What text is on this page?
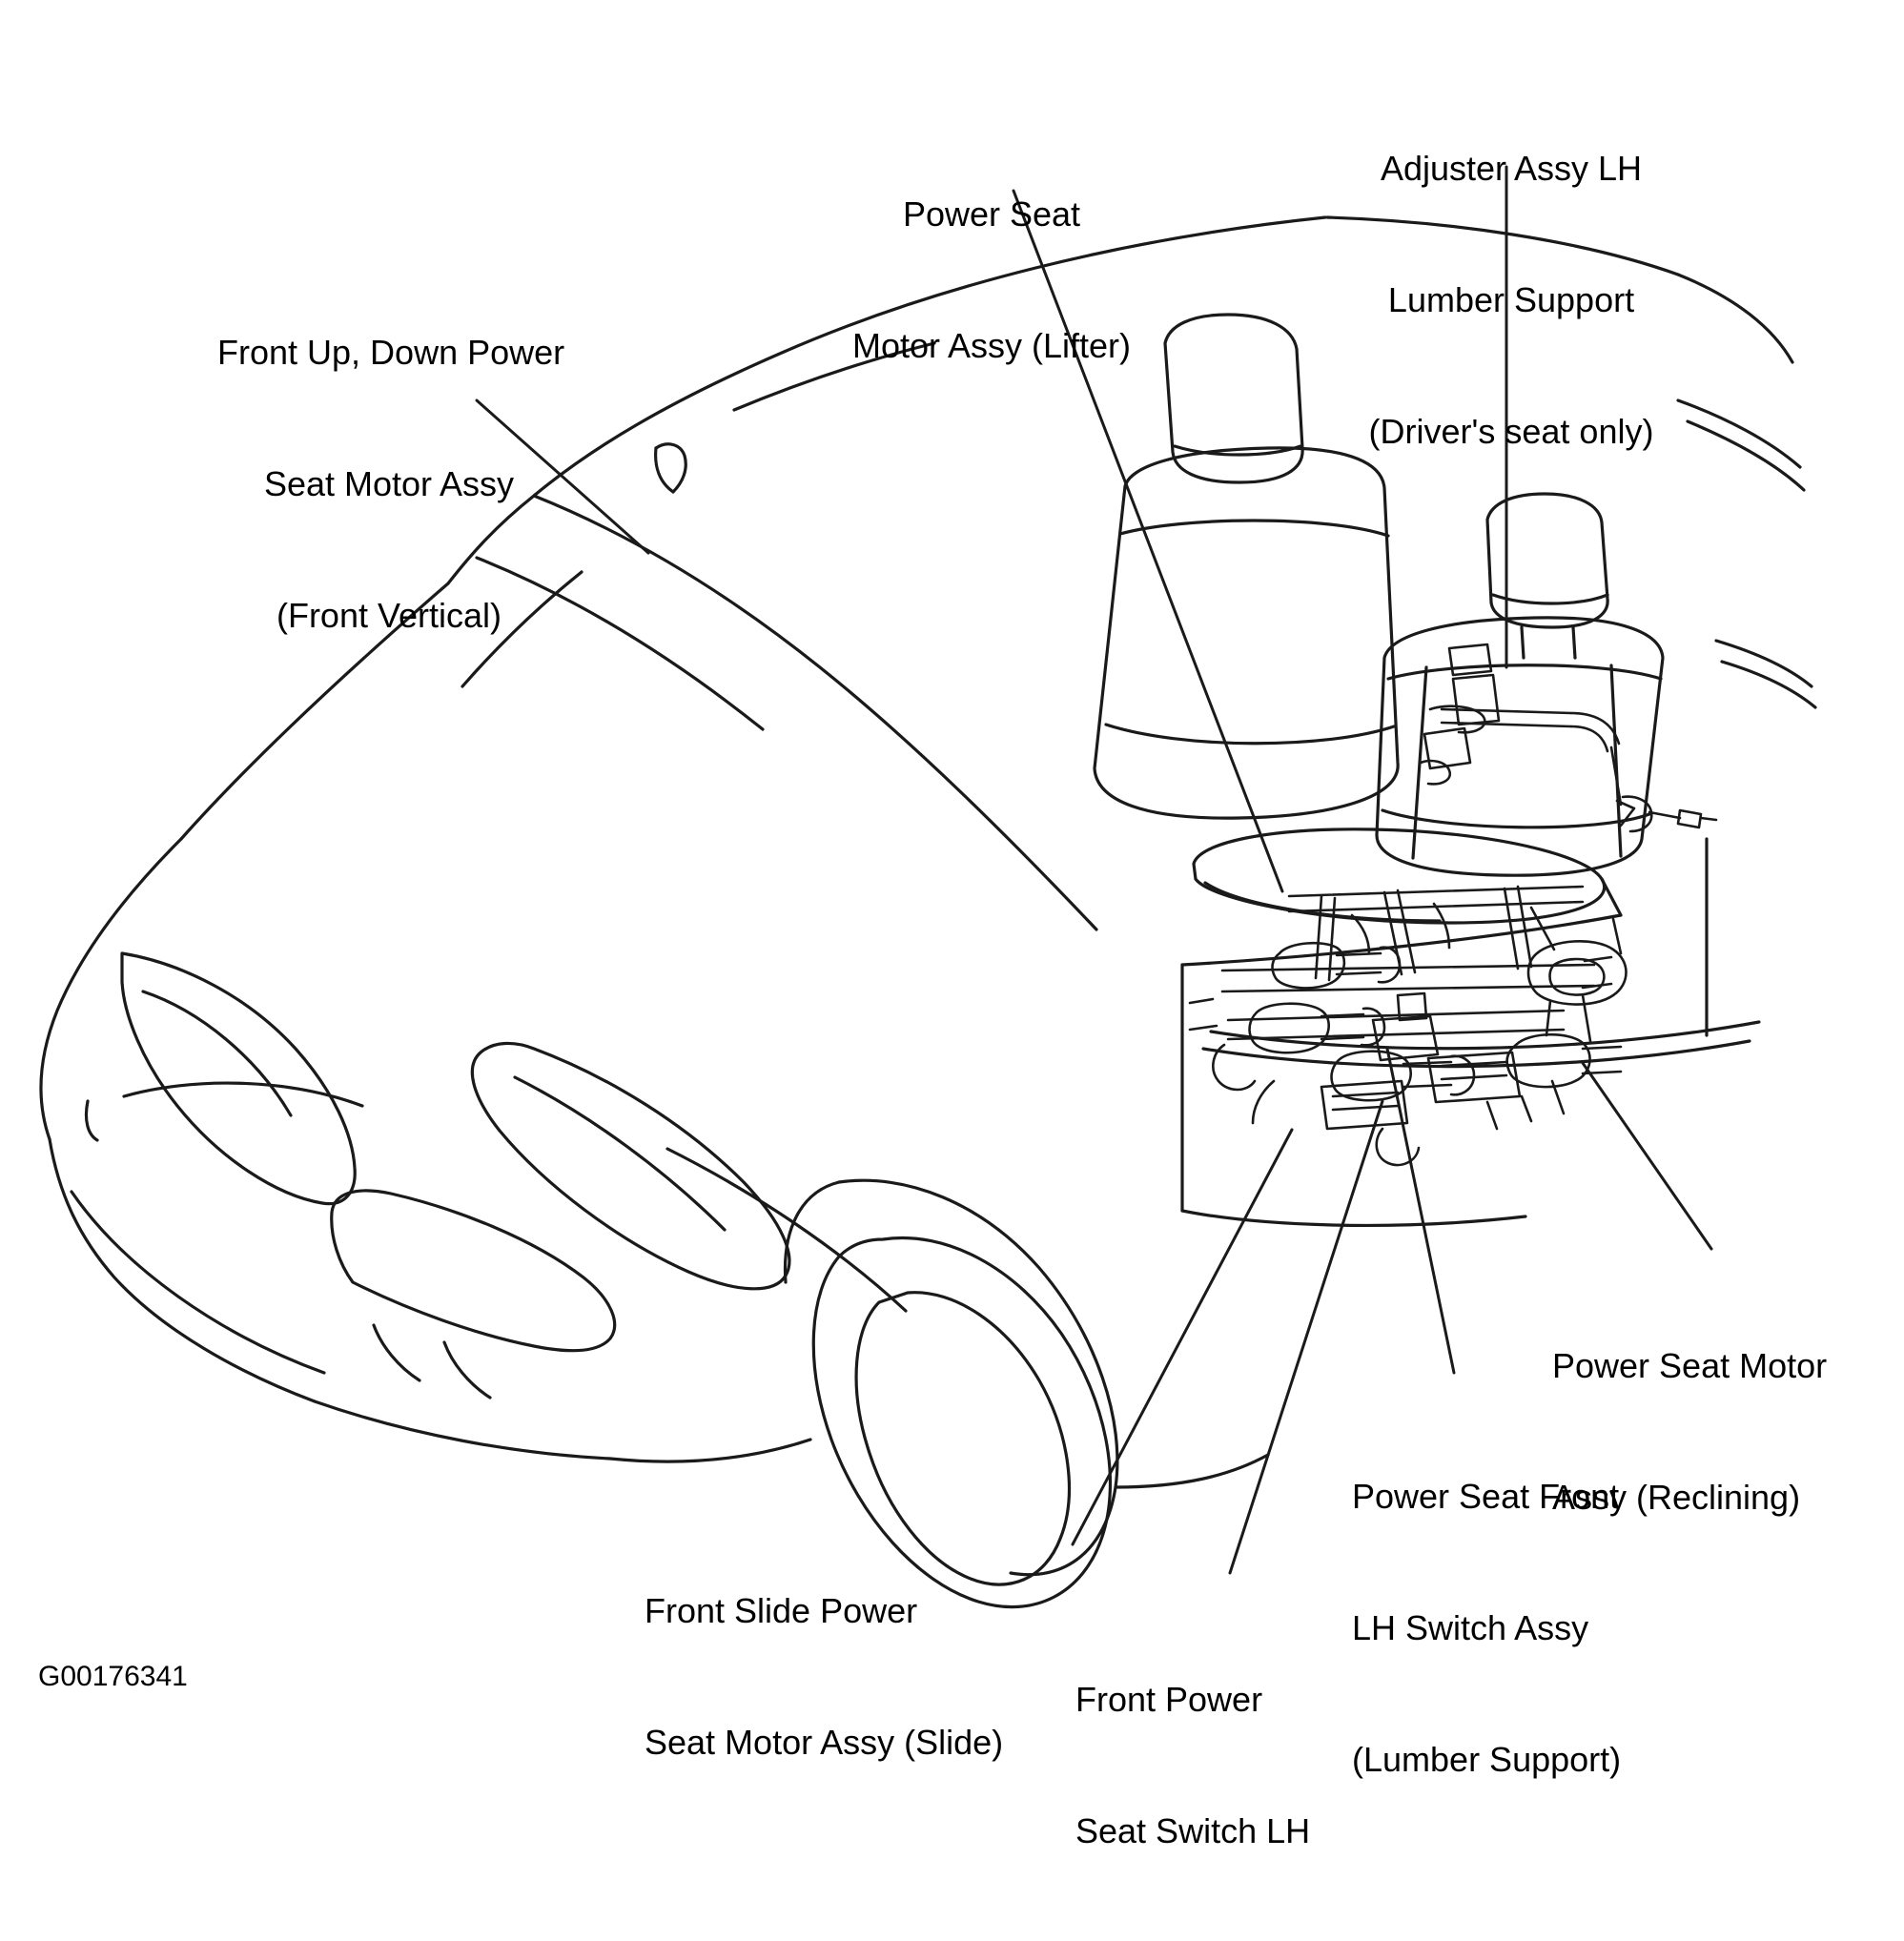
Front Up, Down Power

Seat Motor Assy

(Front Vertical)

Power Seat

Motor Assy (Lifter)

Adjuster Assy LH

Lumber Support

(Driver's seat only)

Power Seat Motor

Assy (Reclining)

Power Seat Front

LH Switch Assy

(Lumber Support)

Front Power

Seat Switch LH

Front Slide Power

Seat Motor Assy (Slide)

G00176341
